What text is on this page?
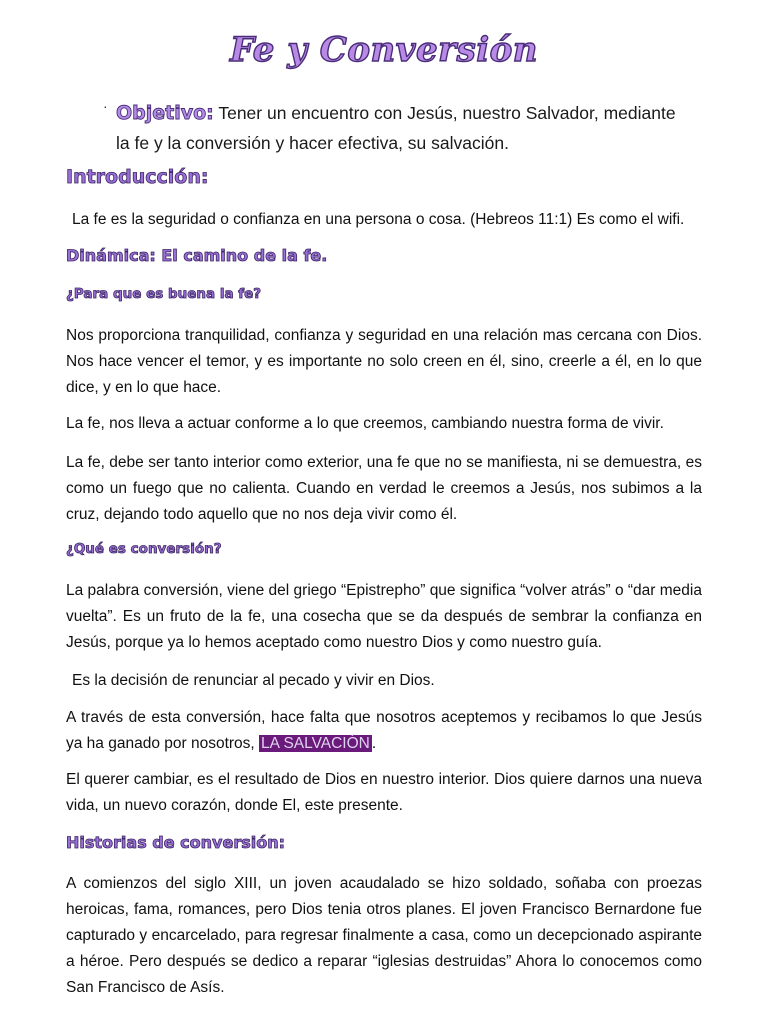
Fe y Conversión
· Objetivo: Tener un encuentro con Jesús, nuestro Salvador, mediante la fe y la conversión y hacer efectiva, su salvación.
Introducción:
La fe es la seguridad o confianza en una persona o cosa. (Hebreos 11:1) Es como el wifi.
Dinámica: El camino de la fe.
¿Para que es buena la fe?
Nos proporciona tranquilidad, confianza y seguridad en una relación mas cercana con Dios. Nos hace vencer el temor, y es importante no solo creen en él, sino, creerle a él, en lo que dice, y en lo que hace.
La fe, nos lleva a actuar conforme a lo que creemos, cambiando nuestra forma de vivir.
La fe, debe ser tanto interior como exterior, una fe que no se manifiesta, ni se demuestra, es como un fuego que no calienta. Cuando en verdad le creemos a Jesús, nos subimos a la cruz, dejando todo aquello que no nos deja vivir como él.
¿Qué es conversión?
La palabra conversión, viene del griego “Epistrepho” que significa “volver atrás” o “dar media vuelta”. Es un fruto de la fe, una cosecha que se da después de sembrar la confianza en Jesús, porque ya lo hemos aceptado como nuestro Dios y como nuestro guía.
Es la decisión de renunciar al pecado y vivir en Dios.
A través de esta conversión, hace falta que nosotros aceptemos y recibamos lo que Jesús ya ha ganado por nosotros, LA SALVACIÓN .
El querer cambiar, es el resultado de Dios en nuestro interior. Dios quiere darnos una nueva vida, un nuevo corazón, donde El, este presente.
Historias de conversión:
A comienzos del siglo XIII, un joven acaudalado se hizo soldado, soñaba con proezas heroicas, fama, romances, pero Dios tenia otros planes. El joven Francisco Bernardone fue capturado y encarcelado, para regresar finalmente a casa, como un decepcionado aspirante a héroe. Pero después se dedico a reparar “iglesias destruidas” Ahora lo conocemos como San Francisco de Asís.
